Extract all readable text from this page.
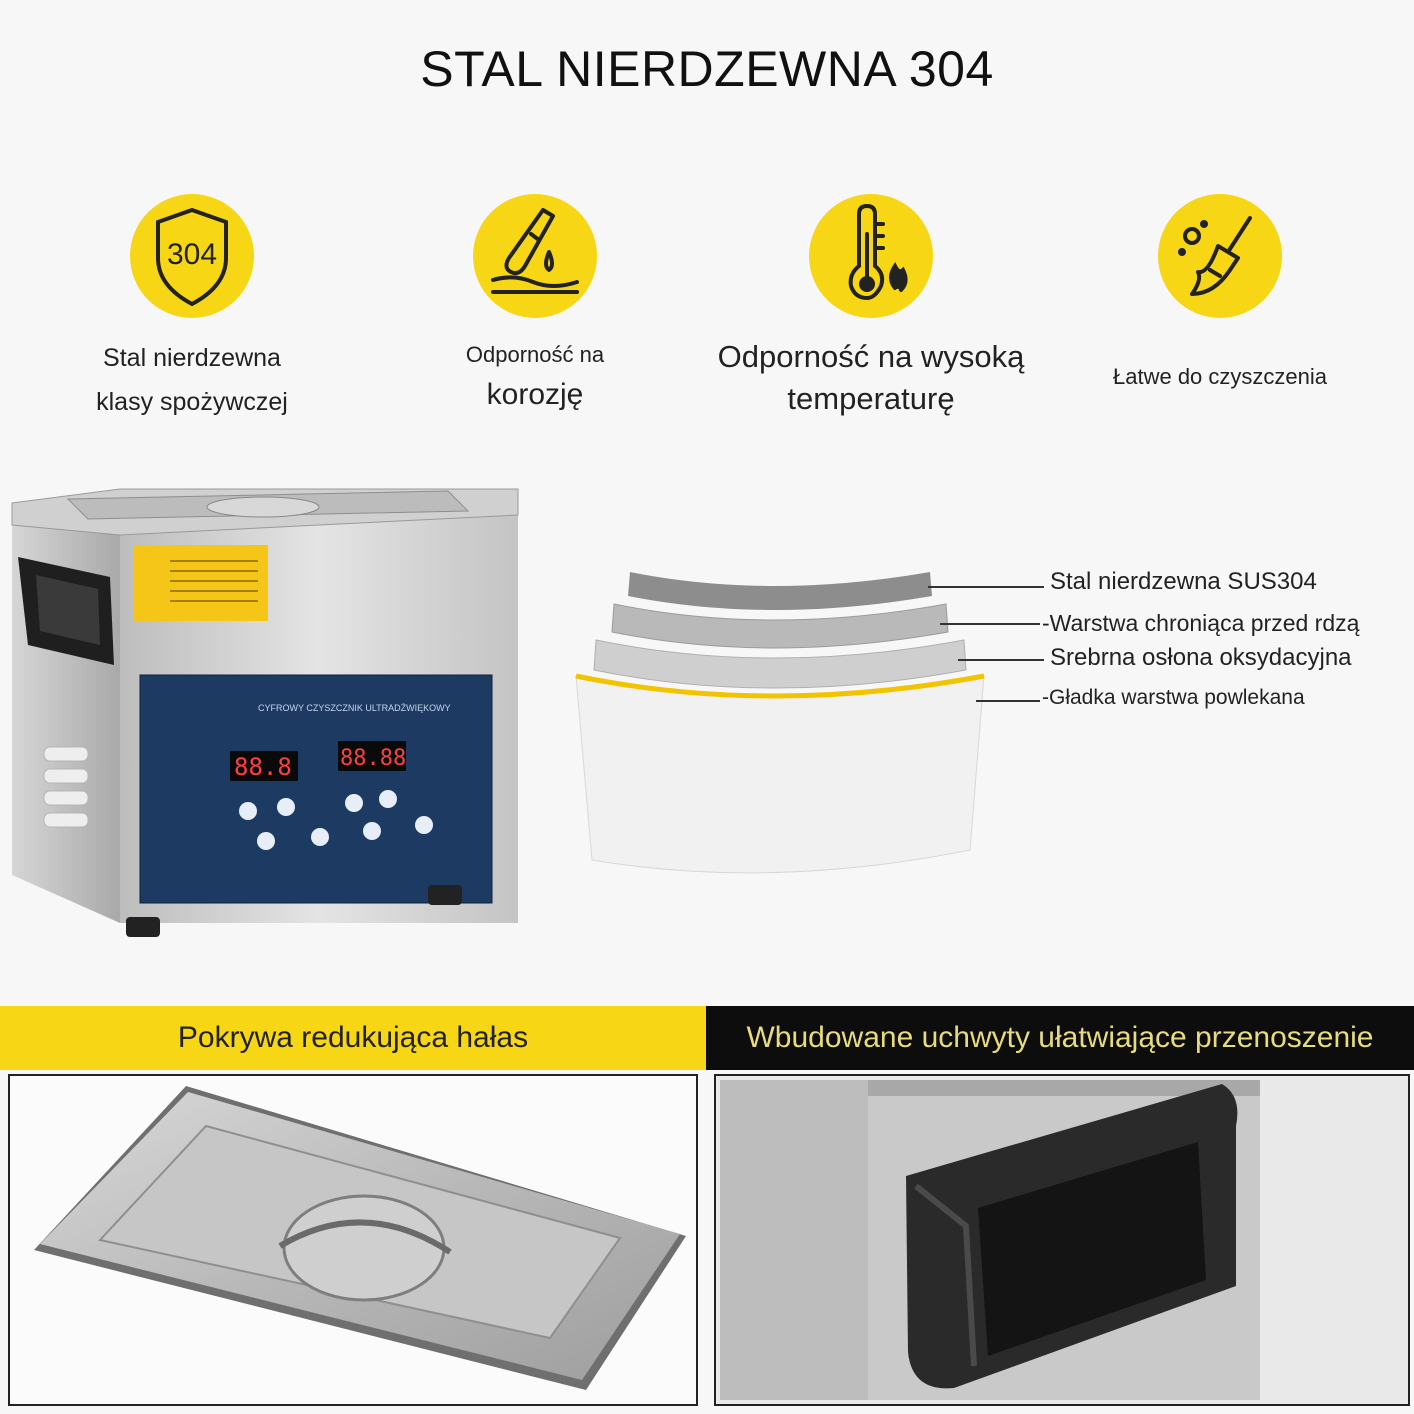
STAL NIERDZEWNA 304
304
Stal nierdzewna
klasy spożywczej
Odporność na
korozję
Odporność na wysoką
temperaturę
Łatwe do czyszczenia
CYFROWY CZYSZCZNIK ULTRADŹWIĘKOWY
88.8 88.88
Stal nierdzewna SUS304
-Warstwa chroniąca przed rdzą
Srebrna osłona oksydacyjna
-Gładka warstwa powlekana
Pokrywa redukująca hałas	Wbudowane uchwyty ułatwiające przenoszenie
